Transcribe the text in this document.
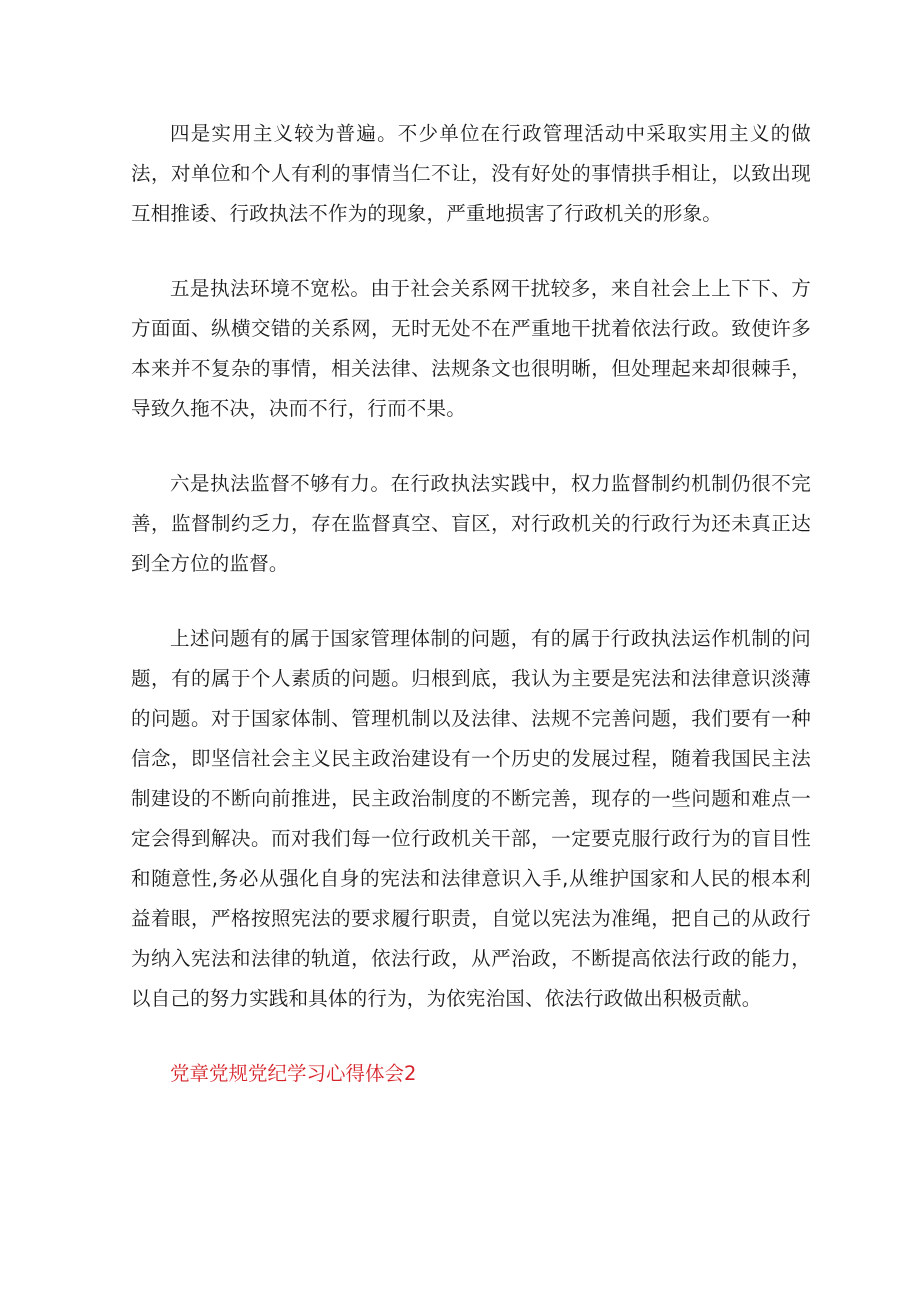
四是实用主义较为普遍。不少单位在行政管理活动中采取实用主义的做法，对单位和个人有利的事情当仁不让，没有好处的事情拱手相让，以致出现互相推诿、行政执法不作为的现象，严重地损害了行政机关的形象。

五是执法环境不宽松。由于社会关系网干扰较多，来自社会上上下下、方方面面、纵横交错的关系网，无时无处不在严重地干扰着依法行政。致使许多本来并不复杂的事情，相关法律、法规条文也很明晰，但处理起来却很棘手，导致久拖不决，决而不行，行而不果。

六是执法监督不够有力。在行政执法实践中，权力监督制约机制仍很不完善，监督制约乏力，存在监督真空、盲区，对行政机关的行政行为还未真正达到全方位的监督。

上述问题有的属于国家管理体制的问题，有的属于行政执法运作机制的问题，有的属于个人素质的问题。归根到底，我认为主要是宪法和法律意识淡薄的问题。对于国家体制、管理机制以及法律、法规不完善问题，我们要有一种信念，即坚信社会主义民主政治建设有一个历史的发展过程，随着我国民主法制建设的不断向前推进，民主政治制度的不断完善，现存的一些问题和难点一定会得到解决。而对我们每一位行政机关干部，一定要克服行政行为的盲目性和随意性,务必从强化自身的宪法和法律意识入手,从维护国家和人民的根本利益着眼，严格按照宪法的要求履行职责，自觉以宪法为准绳，把自己的从政行为纳入宪法和法律的轨道，依法行政，从严治政，不断提高依法行政的能力，以自己的努力实践和具体的行为，为依宪治国、依法行政做出积极贡献。

党章党规党纪学习心得体会2
